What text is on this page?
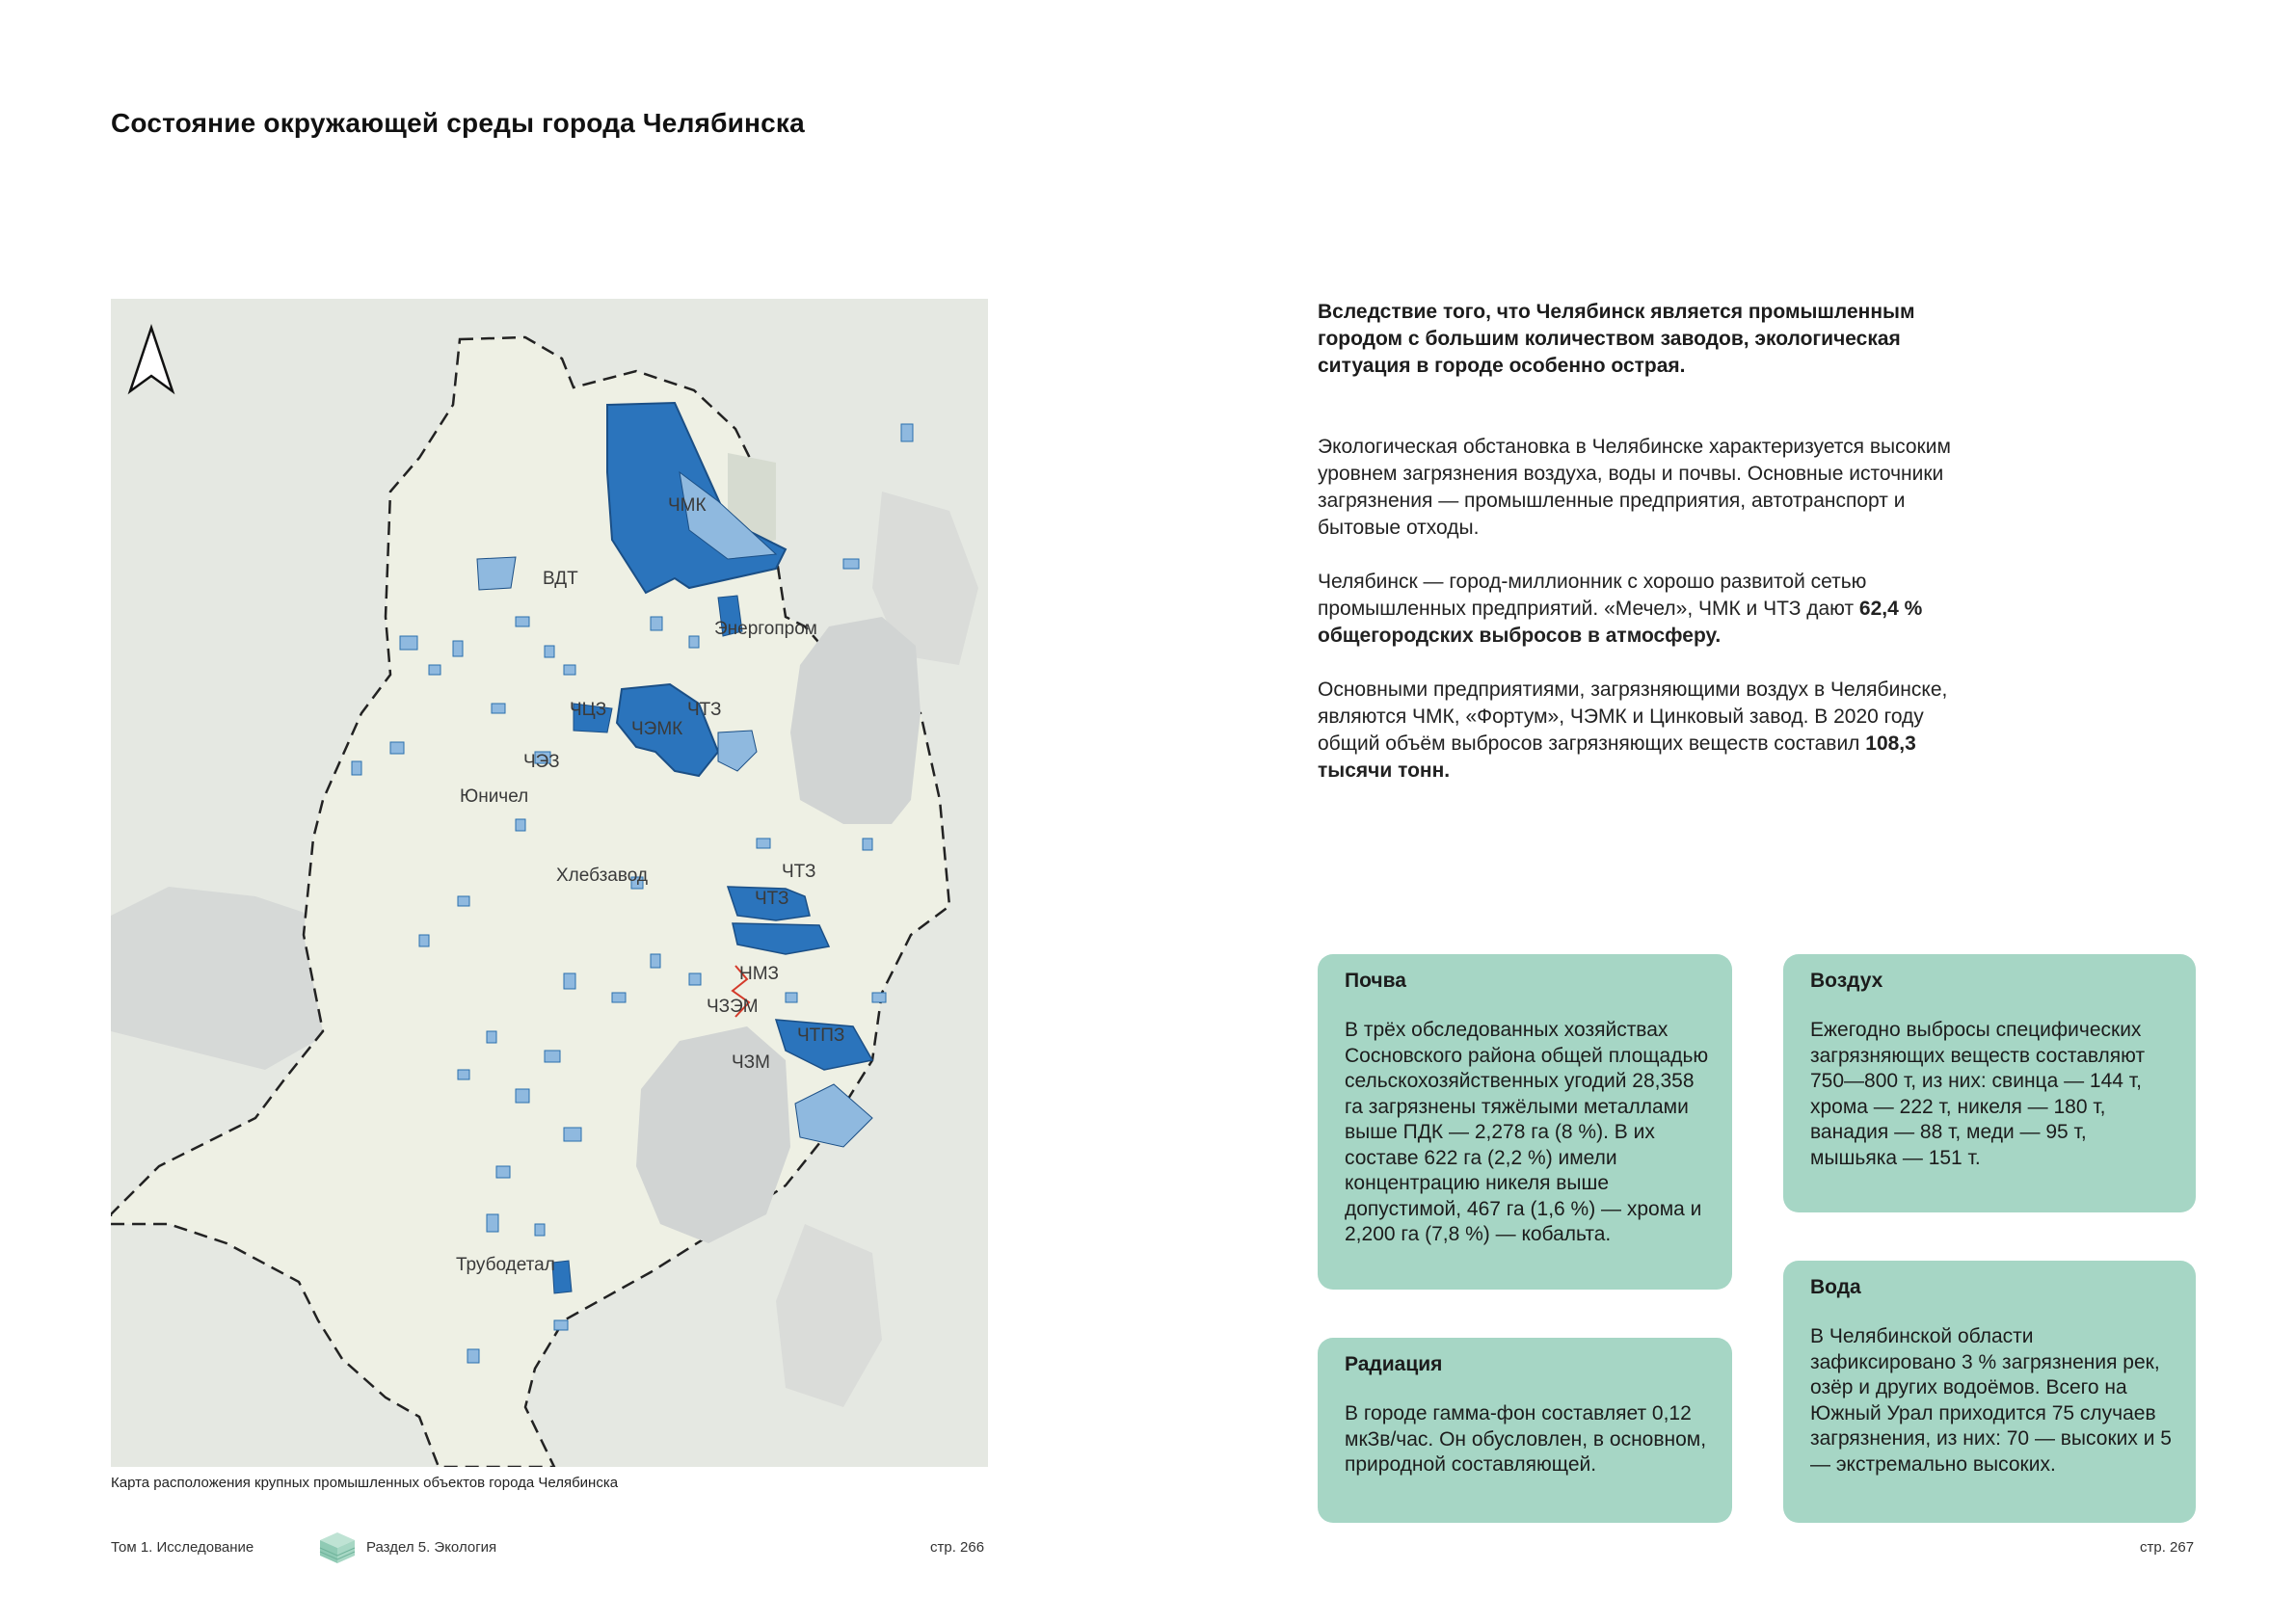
Состояние окружающей среды города Челябинска
ЧМК
ВДТ
Энергопром
ЧЦЗ
ЧЭМК
ЧТЗ
ЧЭЗ
Юничел
Хлебзавод	ЧТЗ
ЧТЗ
НМЗ
ЧЗЭМ
ЧТПЗ
ЧЗМ
Трубодетал
Карта расположения крупных промышленных объектов города Челябинска
Вследствие того, что Челябинск является промышленным городом с большим количеством заводов, экологическая ситуация в городе особенно острая.
Экологическая обстановка в Челябинске характеризуется высоким уровнем загрязнения воздуха, воды и почвы. Основные источники загрязнения — промышленные предприятия, автотранспорт и бытовые отходы.
Челябинск — город-миллионник с хорошо развитой сетью промышленных предприятий. «Мечел», ЧМК и ЧТЗ дают 62,4 % общегородских выбросов в атмосферу.
Основными предприятиями, загрязняющими воздух в Челябинске, являются ЧМК, «Фортум», ЧЭМК и Цинковый завод. В 2020 году общий объём выбросов загрязняющих веществ составил 108,3 тысячи тонн.
Почва

В трёх обследованных хозяйствах Сосновского района общей площадью сельскохозяйственных угодий 28,358 га загрязнены тяжёлыми металлами выше ПДК — 2,278 га (8 %). В их составе 622 га (2,2 %) имели концентрацию никеля выше допустимой, 467 га (1,6 %) — хрома и 2,200 га (7,8 %) — кобальта.

Воздух

Ежегодно выбросы специфических загрязняющих веществ составляют 750—800 т, из них: свинца — 144 т, хрома — 222 т, никеля — 180 т, ванадия — 88 т, меди — 95 т, мышьяка — 151 т.

Вода

В Челябинской области зафиксировано 3 % загрязнения рек, озёр и других водоёмов. Всего на Южный Урал приходится 75 случаев загрязнения, из них: 70 — высоких и 5 — экстремально высоких.

Радиация

В городе гамма-фон составляет 0,12 мкЗв/час. Он обусловлен, в основном, природной составляющей.

Том 1. Исследование	Раздел 5. Экология	стр. 266	стр. 267
